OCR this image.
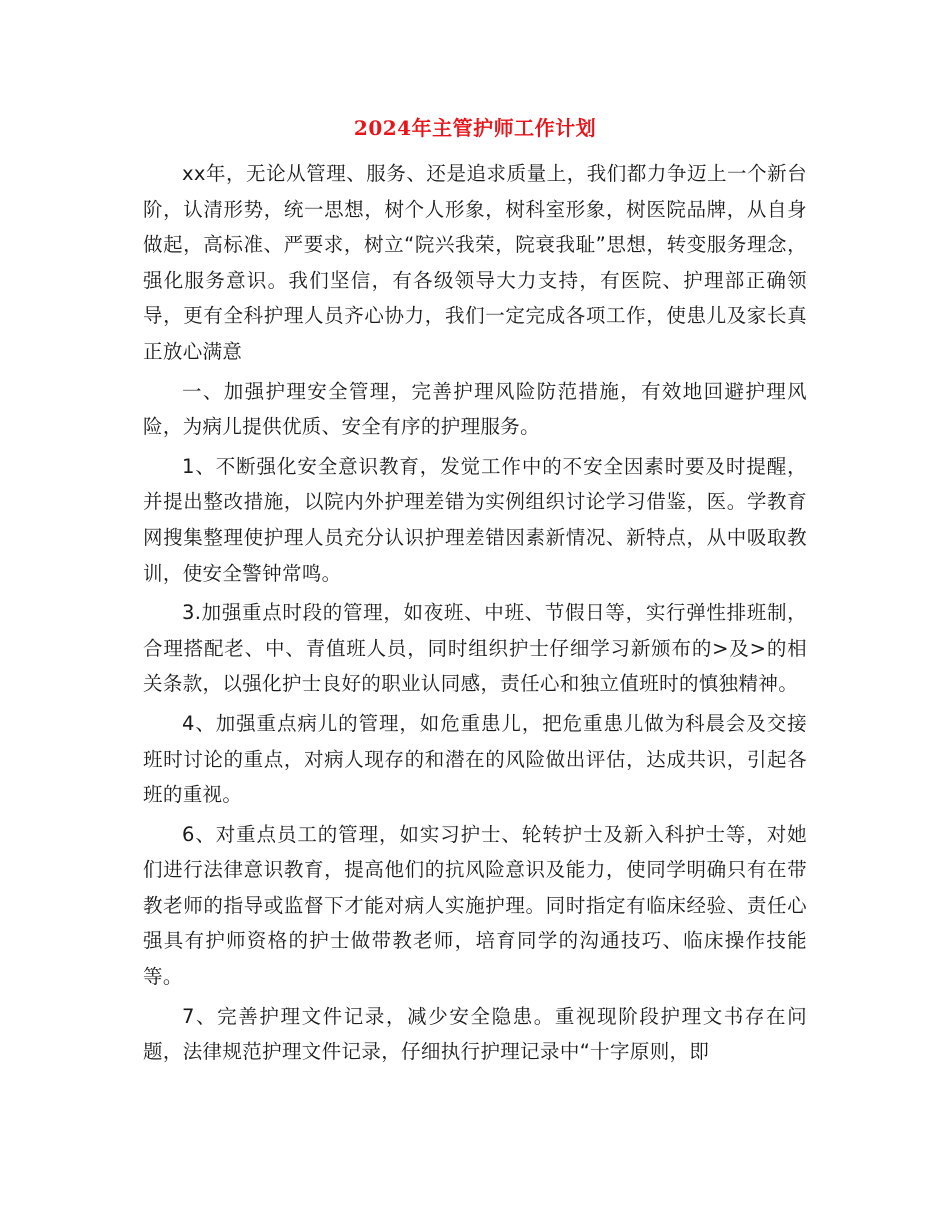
2024年主管护师工作计划

xx年，无论从管理、服务、还是追求质量上，我们都力争迈上一个新台阶，认清形势，统一思想，树个人形象，树科室形象，树医院品牌，从自身做起，高标准、严要求，树立“院兴我荣，院衰我耻”思想，转变服务理念，强化服务意识。我们坚信，有各级领导大力支持，有医院、护理部正确领导，更有全科护理人员齐心协力，我们一定完成各项工作，使患儿及家长真正放心满意

一、加强护理安全管理，完善护理风险防范措施，有效地回避护理风险，为病儿提供优质、安全有序的护理服务。

1、不断强化安全意识教育，发觉工作中的不安全因素时要及时提醒，并提出整改措施，以院内外护理差错为实例组织讨论学习借鉴，医。学教育网搜集整理使护理人员充分认识护理差错因素新情况、新特点，从中吸取教训，使安全警钟常鸣。

3.加强重点时段的管理，如夜班、中班、节假日等，实行弹性排班制，合理搭配老、中、青值班人员，同时组织护士仔细学习新颁布的>及>的相关条款，以强化护士良好的职业认同感，责任心和独立值班时的慎独精神。

4、加强重点病儿的管理，如危重患儿，把危重患儿做为科晨会及交接班时讨论的重点，对病人现存的和潜在的风险做出评估，达成共识，引起各班的重视。

6、对重点员工的管理，如实习护士、轮转护士及新入科护士等，对她们进行法律意识教育，提高他们的抗风险意识及能力，使同学明确只有在带教老师的指导或监督下才能对病人实施护理。同时指定有临床经验、责任心强具有护师资格的护士做带教老师，培育同学的沟通技巧、临床操作技能等。

7、完善护理文件记录，减少安全隐患。重视现阶段护理文书存在问题，法律规范护理文件记录，仔细执行护理记录中“十字原则，即
